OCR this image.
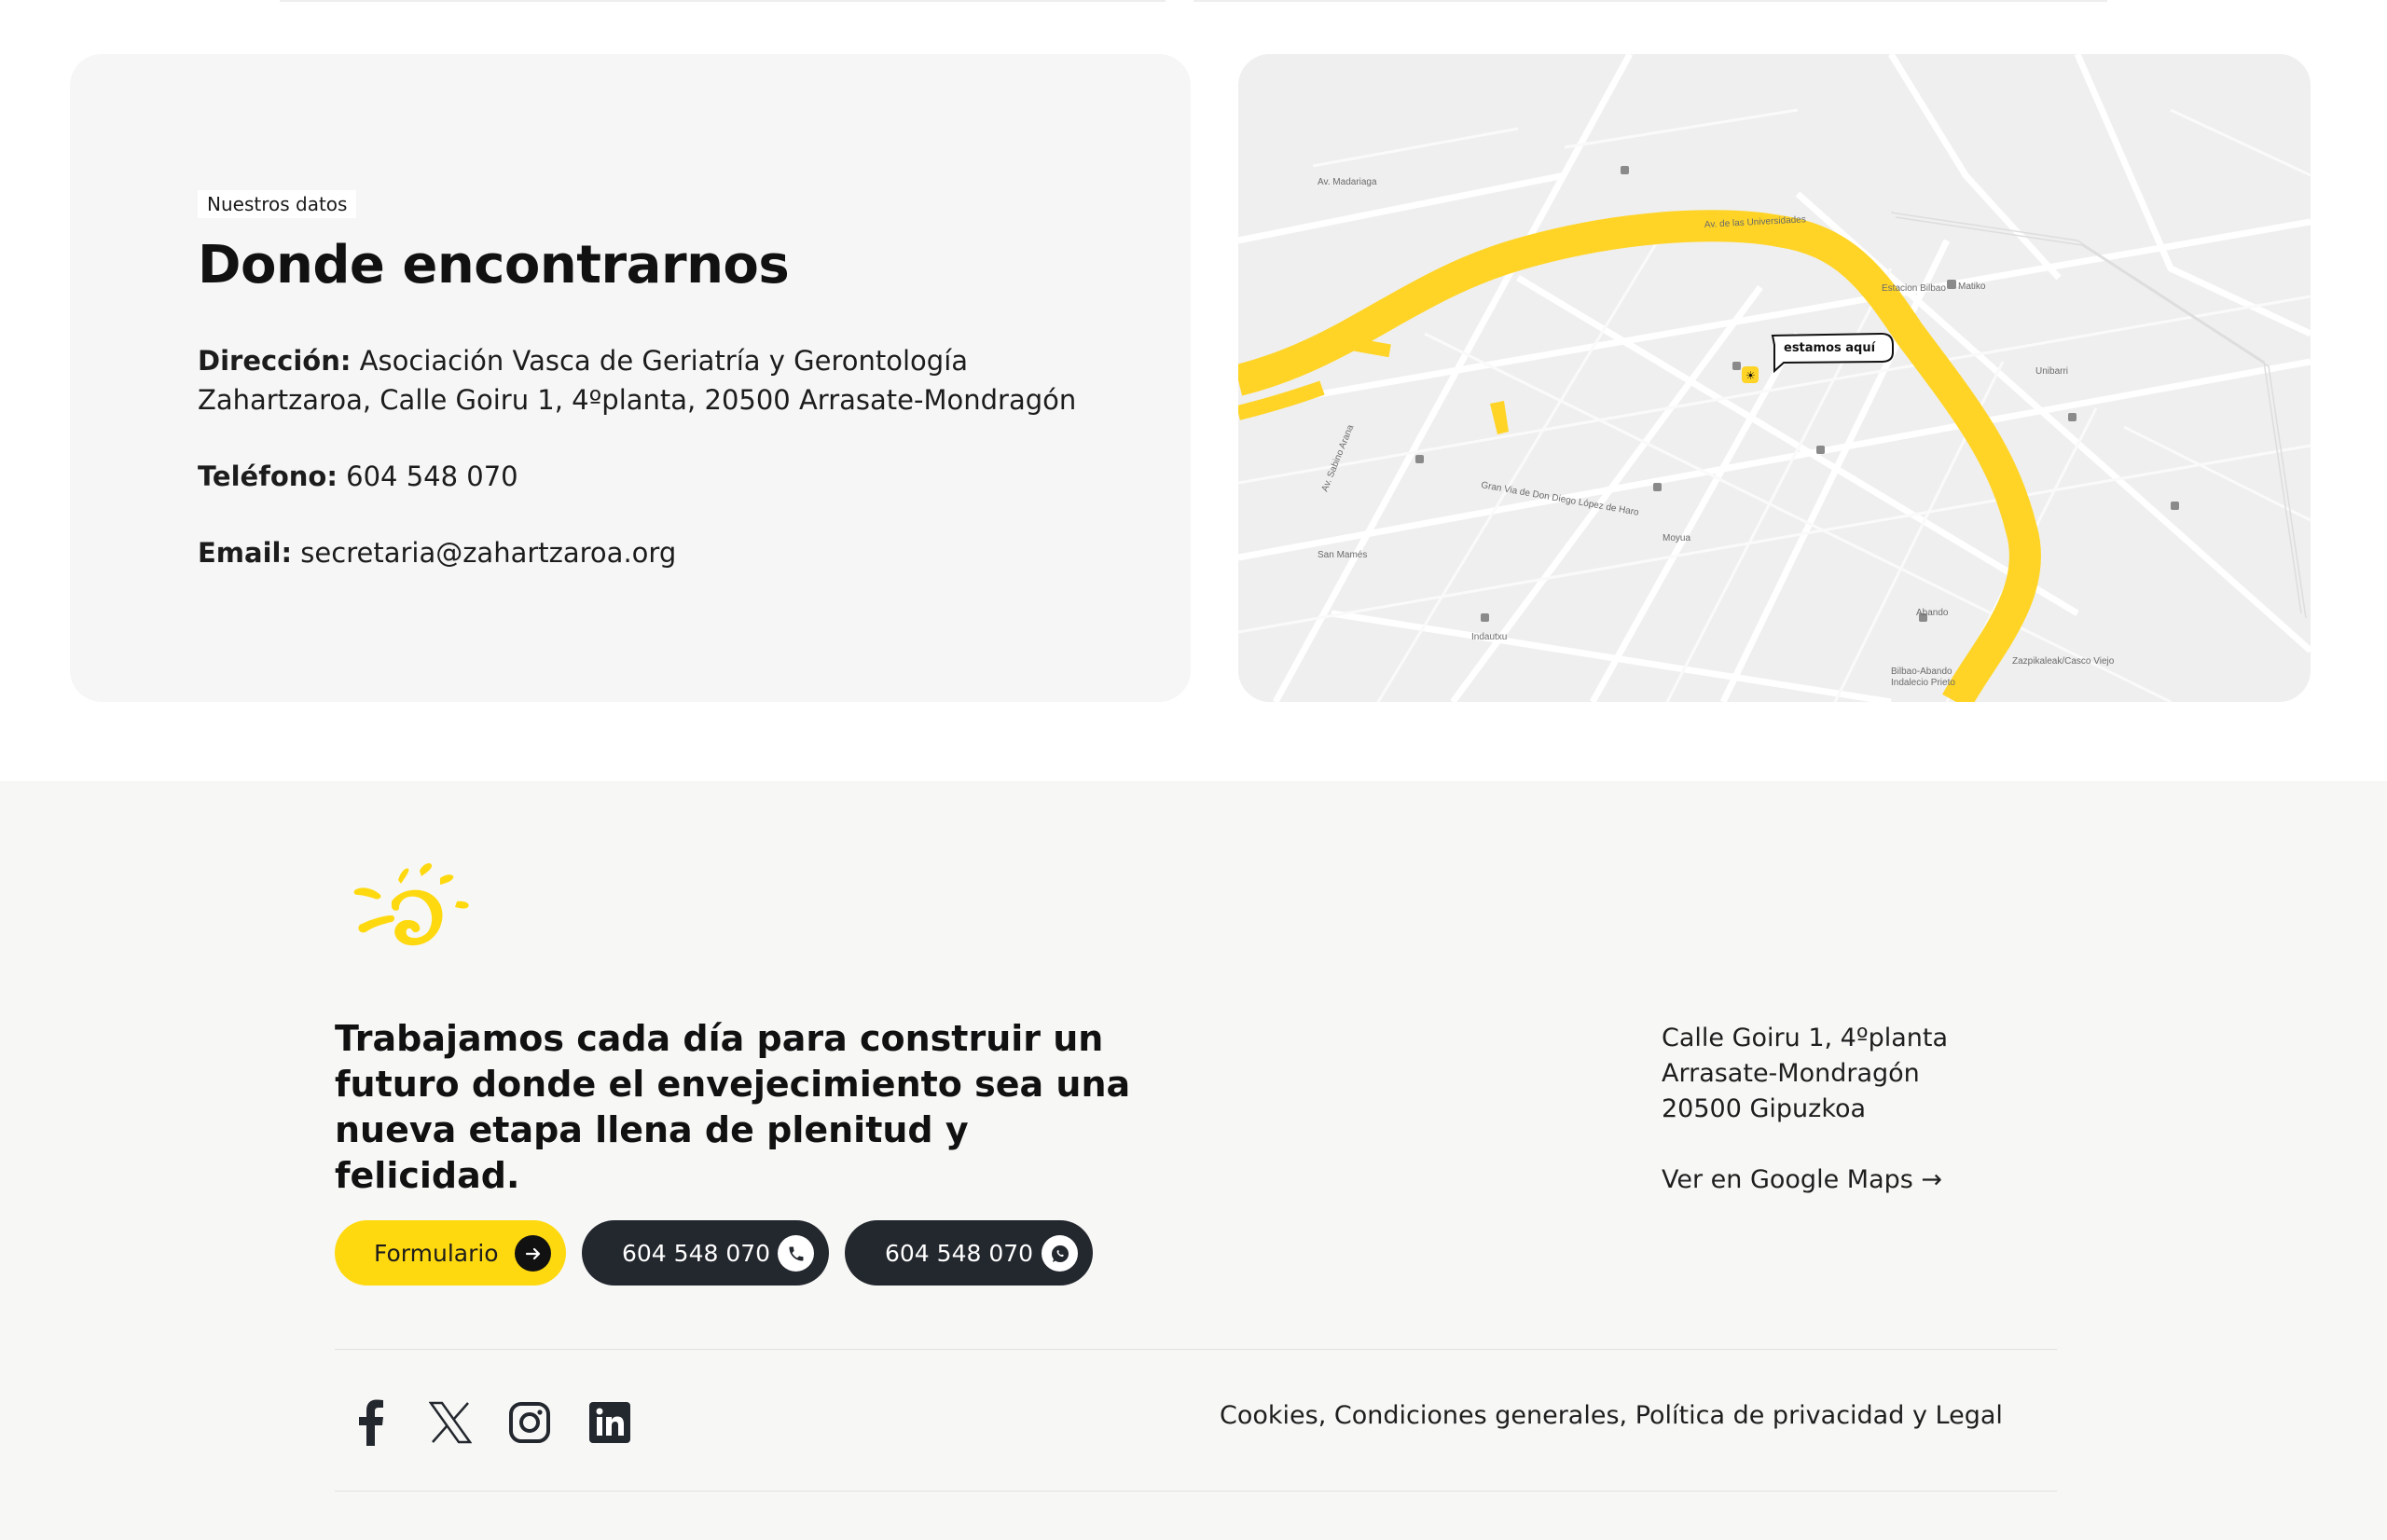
Nuestros datos
Donde encontrarnos

Dirección: Asociación Vasca de Geriatría y Gerontología Zahartzaroa, Calle Goiru 1, 4ºplanta, 20500 Arrasate-Mondragón

Teléfono: 604 548 070

Email: secretaria@zahartzaroa.org

Av. de las Universidades
Estacion Bilbao Matiko
Unibarri
Moyua
San Mamés
Indautxu
Abando
Bilbao-Abando
Indalecio Prieto
Zazpikaleak/Casco Viejo
Av. Madariaga
Gran Via de Don Diego López de Haro
Av. Sabino Arana
☀
estamos aquí

Trabajamos cada día para construir un futuro donde el envejecimiento sea una nueva etapa llena de plenitud y felicidad.

Calle Goiru 1, 4ºplanta
Arrasate-Mondragón
20500 Gipuzkoa
Ver en Google Maps →
Formulario	604 548 070	604 548 070
Cookies, Condiciones generales, Política de privacidad y Legal
